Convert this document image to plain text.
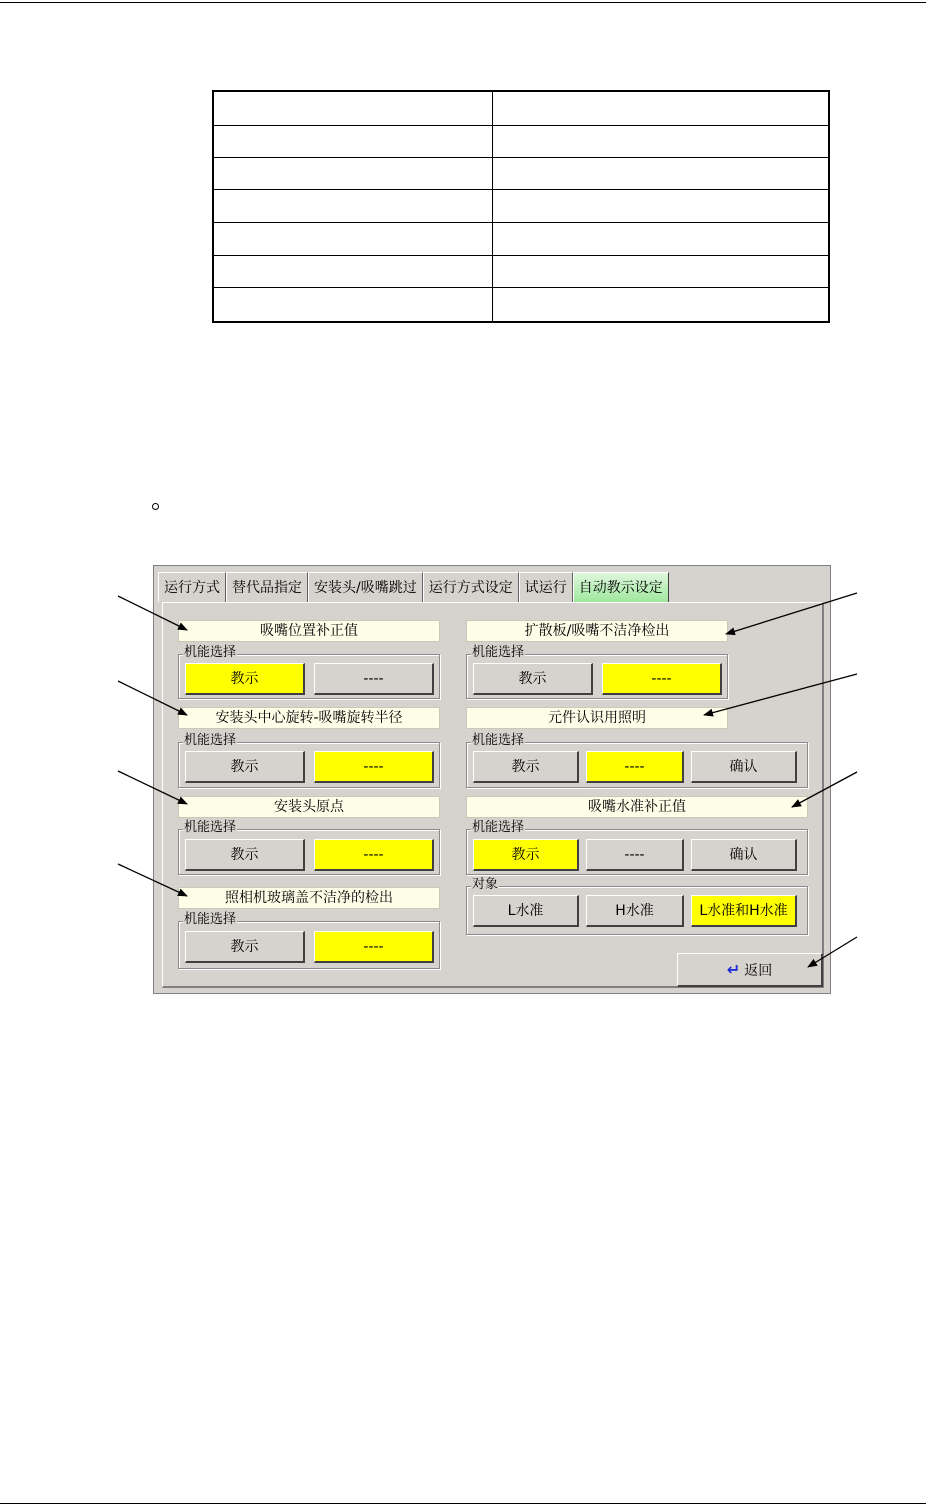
运行方式 替代品指定 安装头/吸嘴跳过 运行方式设定 试运行 自动教示设定
吸嘴位置补正值
机能选择
教示	----
安装头中心旋转-吸嘴旋转半径
机能选择
教示	----
安装头原点
机能选择
教示	----
照相机玻璃盖不洁净的检出
机能选择
教示	----
扩散板/吸嘴不洁净检出
机能选择
教示	----
元件认识用照明
机能选择
教示	----	确认
吸嘴水准补正值
机能选择
教示	----	确认
对象
L水准	H水准	L水准和H水准
↵ 返回
